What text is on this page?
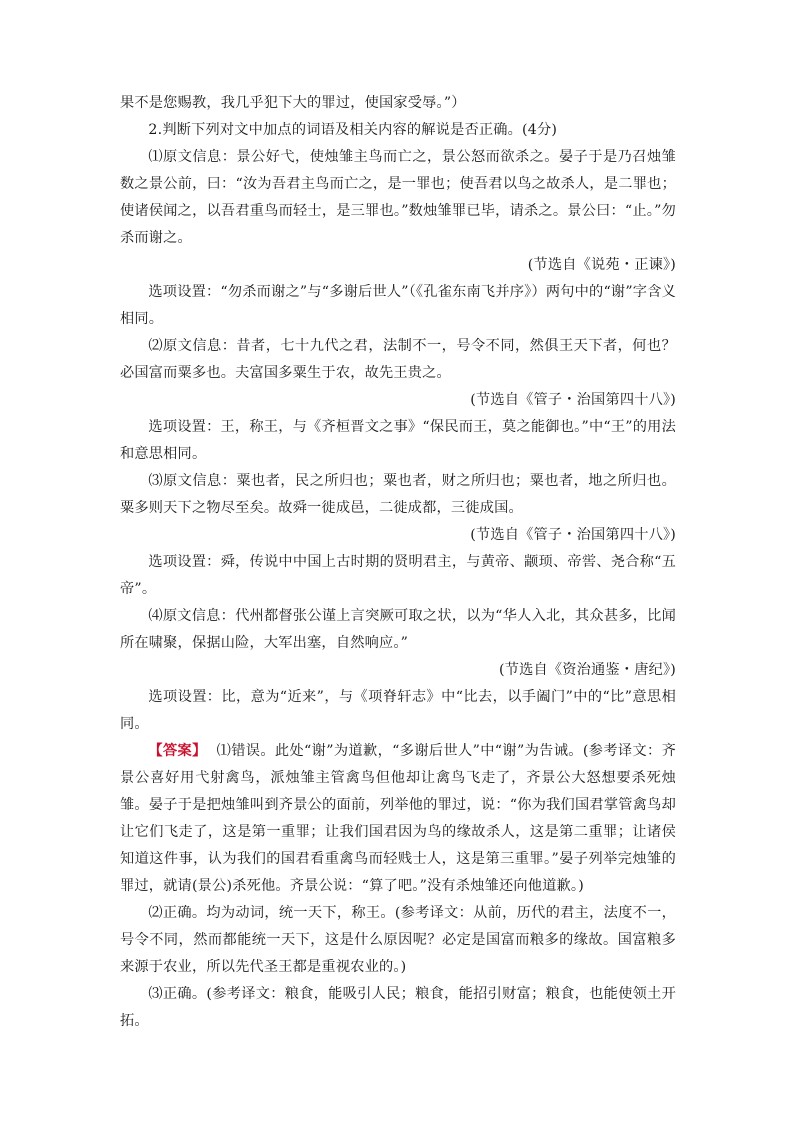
果不是您赐教，我几乎犯下大的罪过，使国家受辱。”）

2.判断下列对文中加点的词语及相关内容的解说是否正确。(4分)

⑴原文信息：景公好弋，使烛雏主鸟而亡之，景公怒而欲杀之。晏子于是乃召烛雏数之景公前，曰：“汝为吾君主鸟而亡之，是一罪也；使吾君以鸟之故杀人，是二罪也；使诸侯闻之，以吾君重鸟而轻士，是三罪也。”数烛雏罪已毕，请杀之。景公曰：“止。”勿杀而谢之。

(节选自《说苑・正谏》)

选项设置：“勿杀而谢之”与“多谢后世人”（《孔雀东南飞并序》）两句中的“谢”字含义相同。

⑵原文信息：昔者，七十九代之君，法制不一，号令不同，然俱王天下者，何也？必国富而粟多也。夫富国多粟生于农，故先王贵之。

(节选自《管子・治国第四十八》)

选项设置：王，称王，与《齐桓晋文之事》“保民而王，莫之能御也。”中“王”的用法和意思相同。

⑶原文信息：粟也者，民之所归也；粟也者，财之所归也；粟也者，地之所归也。粟多则天下之物尽至矣。故舜一徙成邑，二徙成都，三徙成国。

(节选自《管子・治国第四十八》)

选项设置：舜，传说中中国上古时期的贤明君主，与黄帝、颛顼、帝喾、尧合称“五帝”。

⑷原文信息：代州都督张公谨上言突厥可取之状，以为“华人入北，其众甚多，比闻所在啸聚，保据山险，大军出塞，自然响应。”

(节选自《资治通鉴・唐纪》)

选项设置：比，意为“近来”，与《项脊轩志》中“比去，以手阖门”中的“比”意思相同。

【答案】 ⑴错误。此处“谢”为道歉，“多谢后世人”中“谢”为告诫。(参考译文：齐景公喜好用弋射禽鸟，派烛雏主管禽鸟但他却让禽鸟飞走了，齐景公大怒想要杀死烛雏。晏子于是把烛雏叫到齐景公的面前，列举他的罪过，说：“你为我们国君掌管禽鸟却让它们飞走了，这是第一重罪；让我们国君因为鸟的缘故杀人，这是第二重罪；让诸侯知道这件事，认为我们的国君看重禽鸟而轻贱士人，这是第三重罪。”晏子列举完烛雏的罪过，就请(景公)杀死他。齐景公说：“算了吧。”没有杀烛雏还向他道歉。)

⑵正确。均为动词，统一天下，称王。(参考译文：从前，历代的君主，法度不一，号令不同，然而都能统一天下，这是什么原因呢？必定是国富而粮多的缘故。国富粮多来源于农业，所以先代圣王都是重视农业的。)

⑶正确。(参考译文：粮食，能吸引人民；粮食，能招引财富；粮食，也能使领土开拓。
